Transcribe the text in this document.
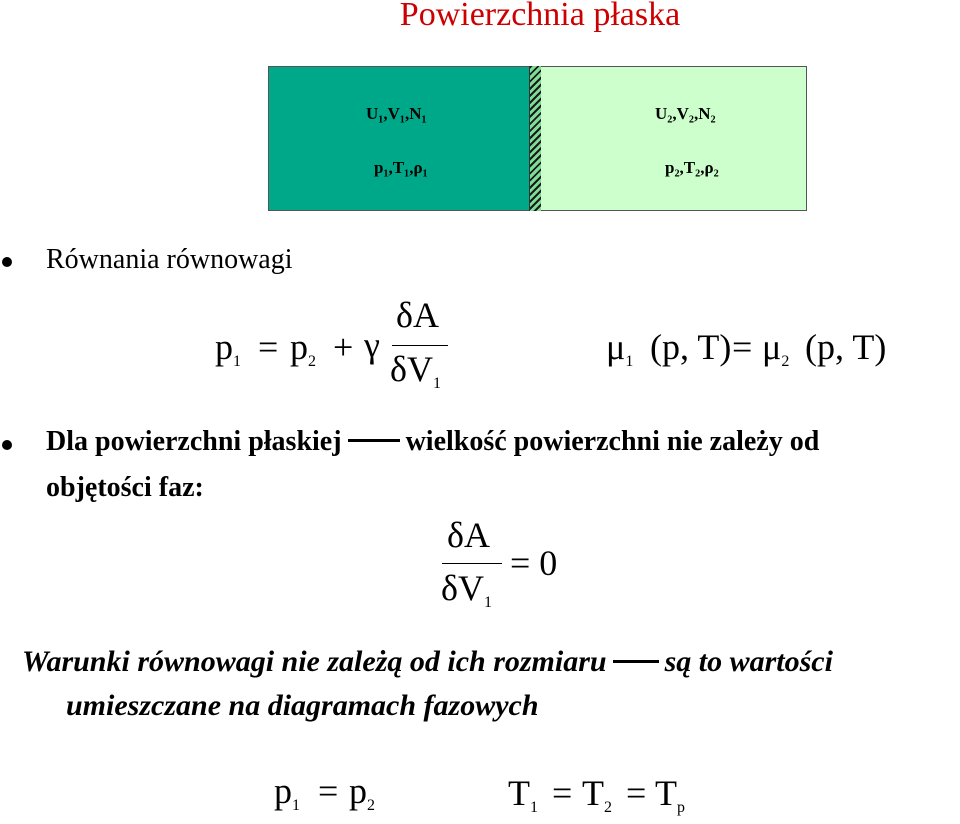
Powierzchnia płaska
U₁,V₁,N₁
p₁,T₁,ρ₁
U₂,V₂,N₂
p₂,T₂,ρ₂
Równania równowagi
$p_1 = p_2 + \gamma$
δA
$\delta V_1$
$\mu_1$ (p, $T) = \mu_2$ (p, T)
Dla powierzchni płaskiej wielkość powierzchni nie zależy od
objętości faz:
δA
$\delta V_1$
= 0
Warunki równowagi nie zależą od ich rozmiaru są to wartości
umieszczane na diagramach fazowych
$p_1 = p_2$	$T_1 = T_2 = T_p$
